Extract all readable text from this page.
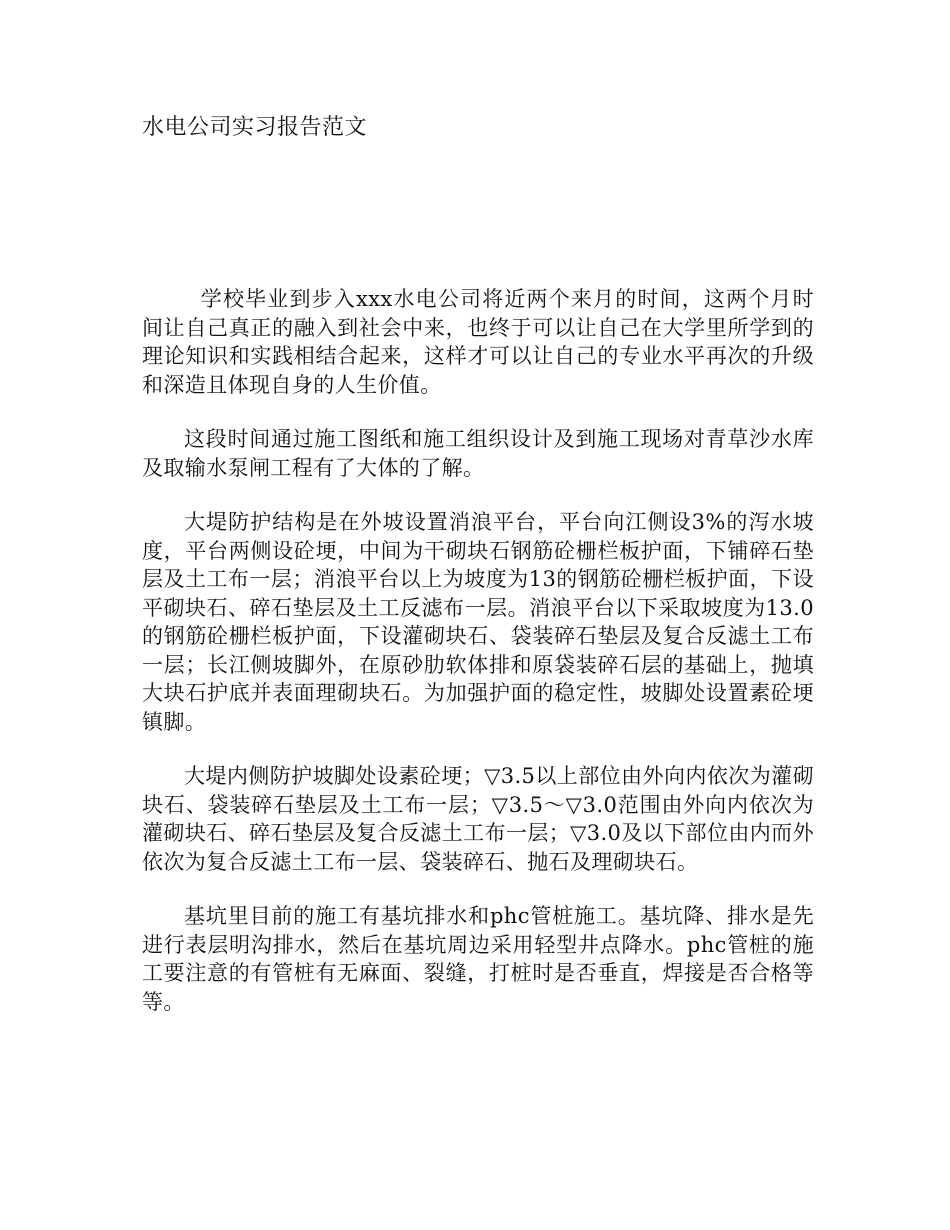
水电公司实习报告范文

学校毕业到步入xxx水电公司将近两个来月的时间，这两个月时间让自己真正的融入到社会中来，也终于可以让自己在大学里所学到的理论知识和实践相结合起来，这样才可以让自己的专业水平再次的升级和深造且体现自身的人生价值。

这段时间通过施工图纸和施工组织设计及到施工现场对青草沙水库及取输水泵闸工程有了大体的了解。

大堤防护结构是在外坡设置消浪平台，平台向江侧设3%的泻水坡度，平台两侧设砼埂，中间为干砌块石钢筋砼栅栏板护面，下铺碎石垫层及土工布一层；消浪平台以上为坡度为13的钢筋砼栅栏板护面，下设平砌块石、碎石垫层及土工反滤布一层。消浪平台以下采取坡度为13.0的钢筋砼栅栏板护面，下设灌砌块石、袋装碎石垫层及复合反滤土工布一层；长江侧坡脚外，在原砂肋软体排和原袋装碎石层的基础上，抛填大块石护底并表面理砌块石。为加强护面的稳定性，坡脚处设置素砼埂镇脚。

大堤内侧防护坡脚处设素砼埂；▽3.5以上部位由外向内依次为灌砌块石、袋装碎石垫层及土工布一层；▽3.5～▽3.0范围由外向内依次为灌砌块石、碎石垫层及复合反滤土工布一层；▽3.0及以下部位由内而外依次为复合反滤土工布一层、袋装碎石、抛石及理砌块石。

基坑里目前的施工有基坑排水和phc管桩施工。基坑降、排水是先进行表层明沟排水，然后在基坑周边采用轻型井点降水。phc管桩的施工要注意的有管桩有无麻面、裂缝，打桩时是否垂直，焊接是否合格等等。
